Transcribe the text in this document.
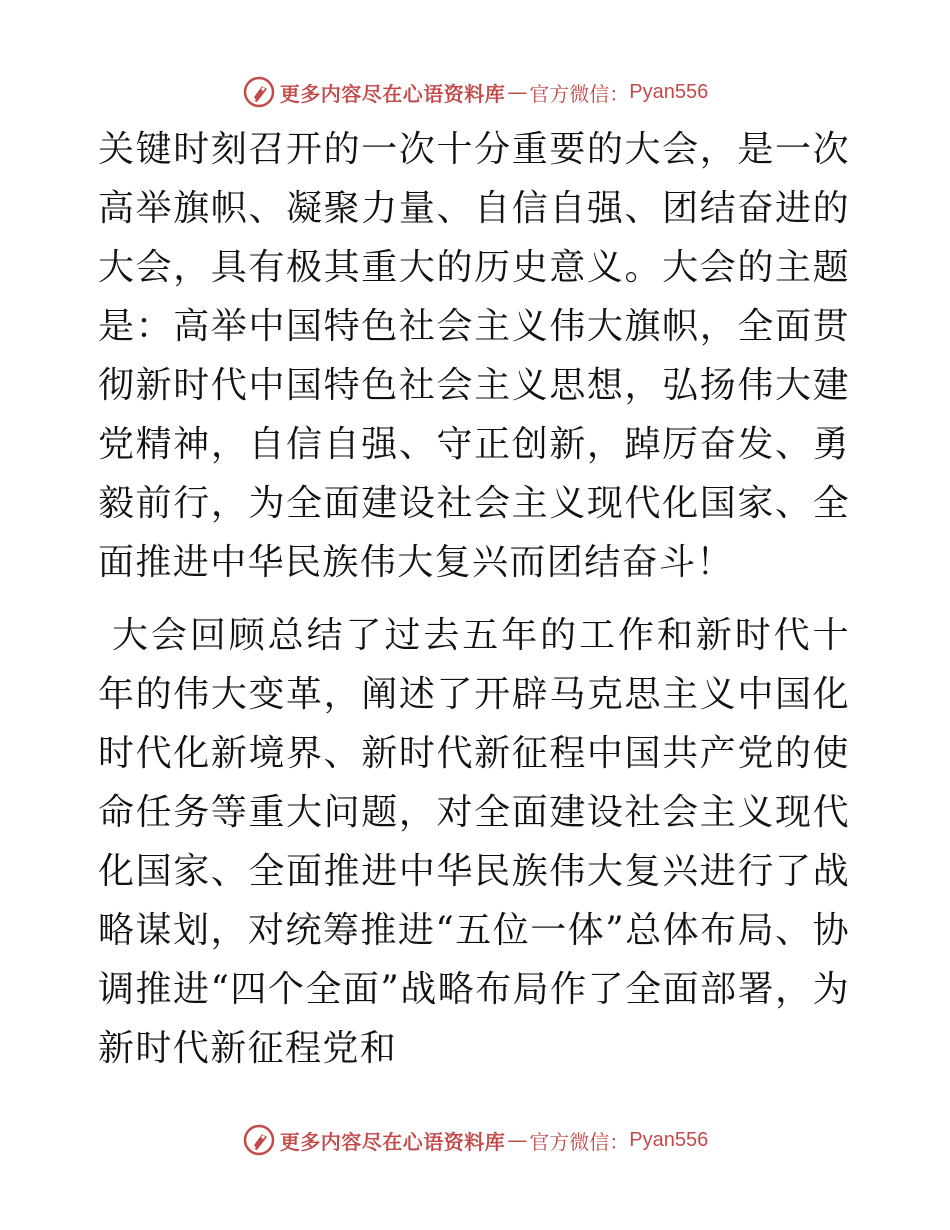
更多内容尽在心语资料库 — 官方微信： Pyan556

关键时刻召开的一次十分重要的大会，是一次高举旗帜、凝聚力量、自信自强、团结奋进的大会，具有极其重大的历史意义。大会的主题是：高举中国特色社会主义伟大旗帜，全面贯彻新时代中国特色社会主义思想，弘扬伟大建党精神，自信自强、守正创新，踔厉奋发、勇毅前行，为全面建设社会主义现代化国家、全面推进中华民族伟大复兴而团结奋斗！

大会回顾总结了过去五年的工作和新时代十年的伟大变革，阐述了开辟马克思主义中国化时代化新境界、新时代新征程中国共产党的使命任务等重大问题，对全面建设社会主义现代化国家、全面推进中华民族伟大复兴进行了战略谋划，对统筹推进“五位一体”总体布局、协调推进“四个全面”战略布局作了全面部署，为新时代新征程党和

更多内容尽在心语资料库 — 官方微信： Pyan556
